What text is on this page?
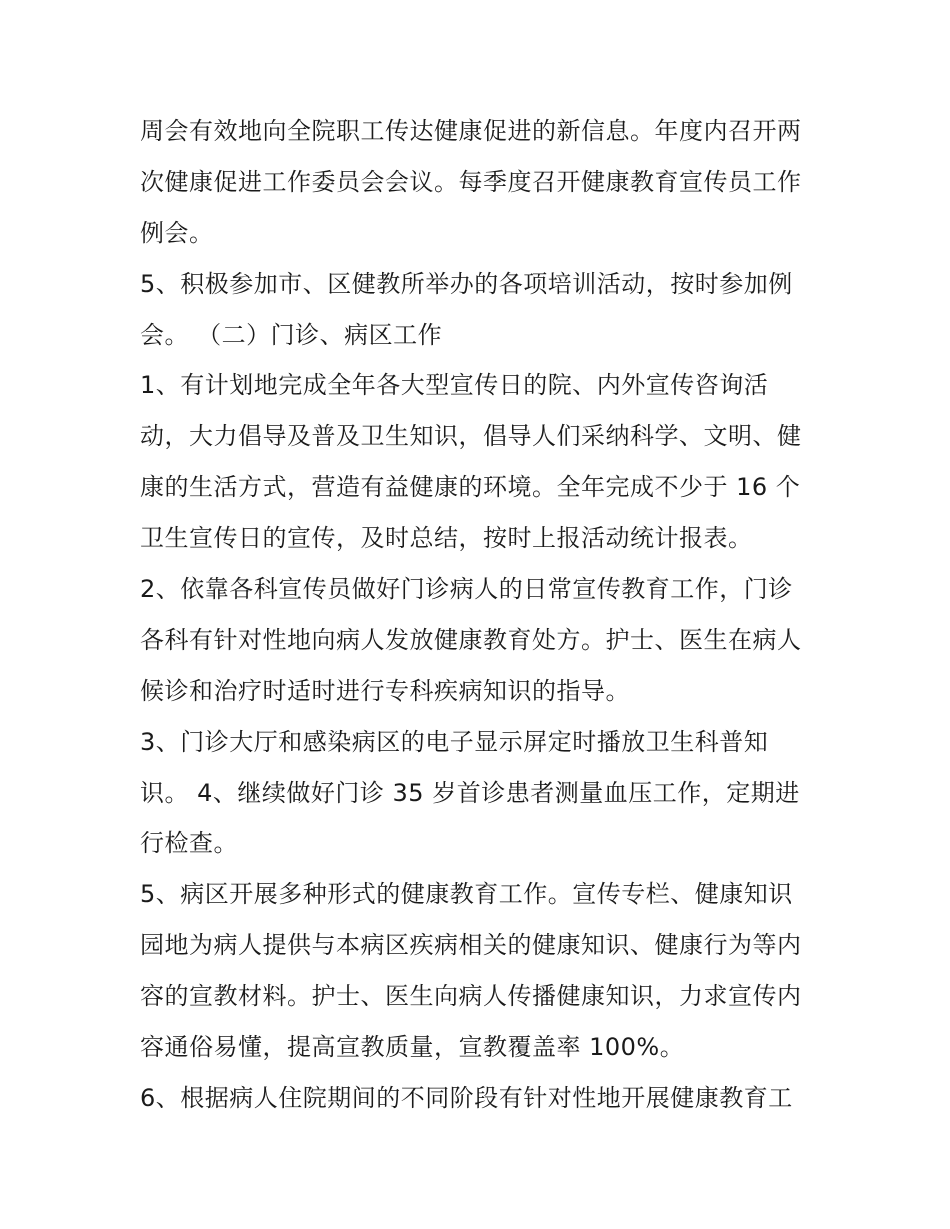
周会有效地向全院职工传达健康促进的新信息。年度内召开两
次健康促进工作委员会会议。每季度召开健康教育宣传员工作
例会。
5、积极参加市、区健教所举办的各项培训活动，按时参加例
会。 （二）门诊、病区工作
1、有计划地完成全年各大型宣传日的院、内外宣传咨询活
动，大力倡导及普及卫生知识，倡导人们采纳科学、文明、健
康的生活方式，营造有益健康的环境。全年完成不少于 16 个
卫生宣传日的宣传，及时总结，按时上报活动统计报表。
2、依靠各科宣传员做好门诊病人的日常宣传教育工作，门诊
各科有针对性地向病人发放健康教育处方。护士、医生在病人
候诊和治疗时适时进行专科疾病知识的指导。
3、门诊大厅和感染病区的电子显示屏定时播放卫生科普知
识。 4、继续做好门诊 35 岁首诊患者测量血压工作，定期进
行检查。
5、病区开展多种形式的健康教育工作。宣传专栏、健康知识
园地为病人提供与本病区疾病相关的健康知识、健康行为等内
容的宣教材料。护士、医生向病人传播健康知识，力求宣传内
容通俗易懂，提高宣教质量，宣教覆盖率 100%。
6、根据病人住院期间的不同阶段有针对性地开展健康教育工
